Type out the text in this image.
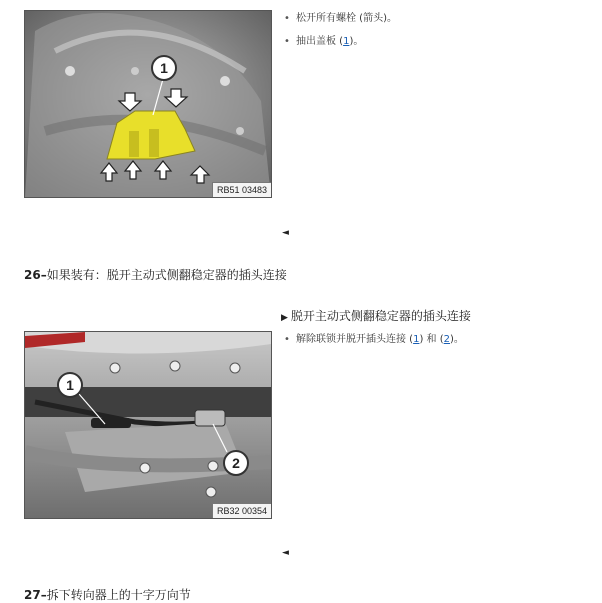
1
RB51 03483
• 松开所有螺栓 (箭头)。
• 抽出盖板 (1)。
◄
26–如果装有：脱开主动式侧翻稳定器的插头连接
▶ 脱开主动式侧翻稳定器的插头连接
1
2
RB32 00354
• 解除联锁并脱开插头连接 (1) 和 (2)。
◄
27–拆下转向器上的十字万向节
